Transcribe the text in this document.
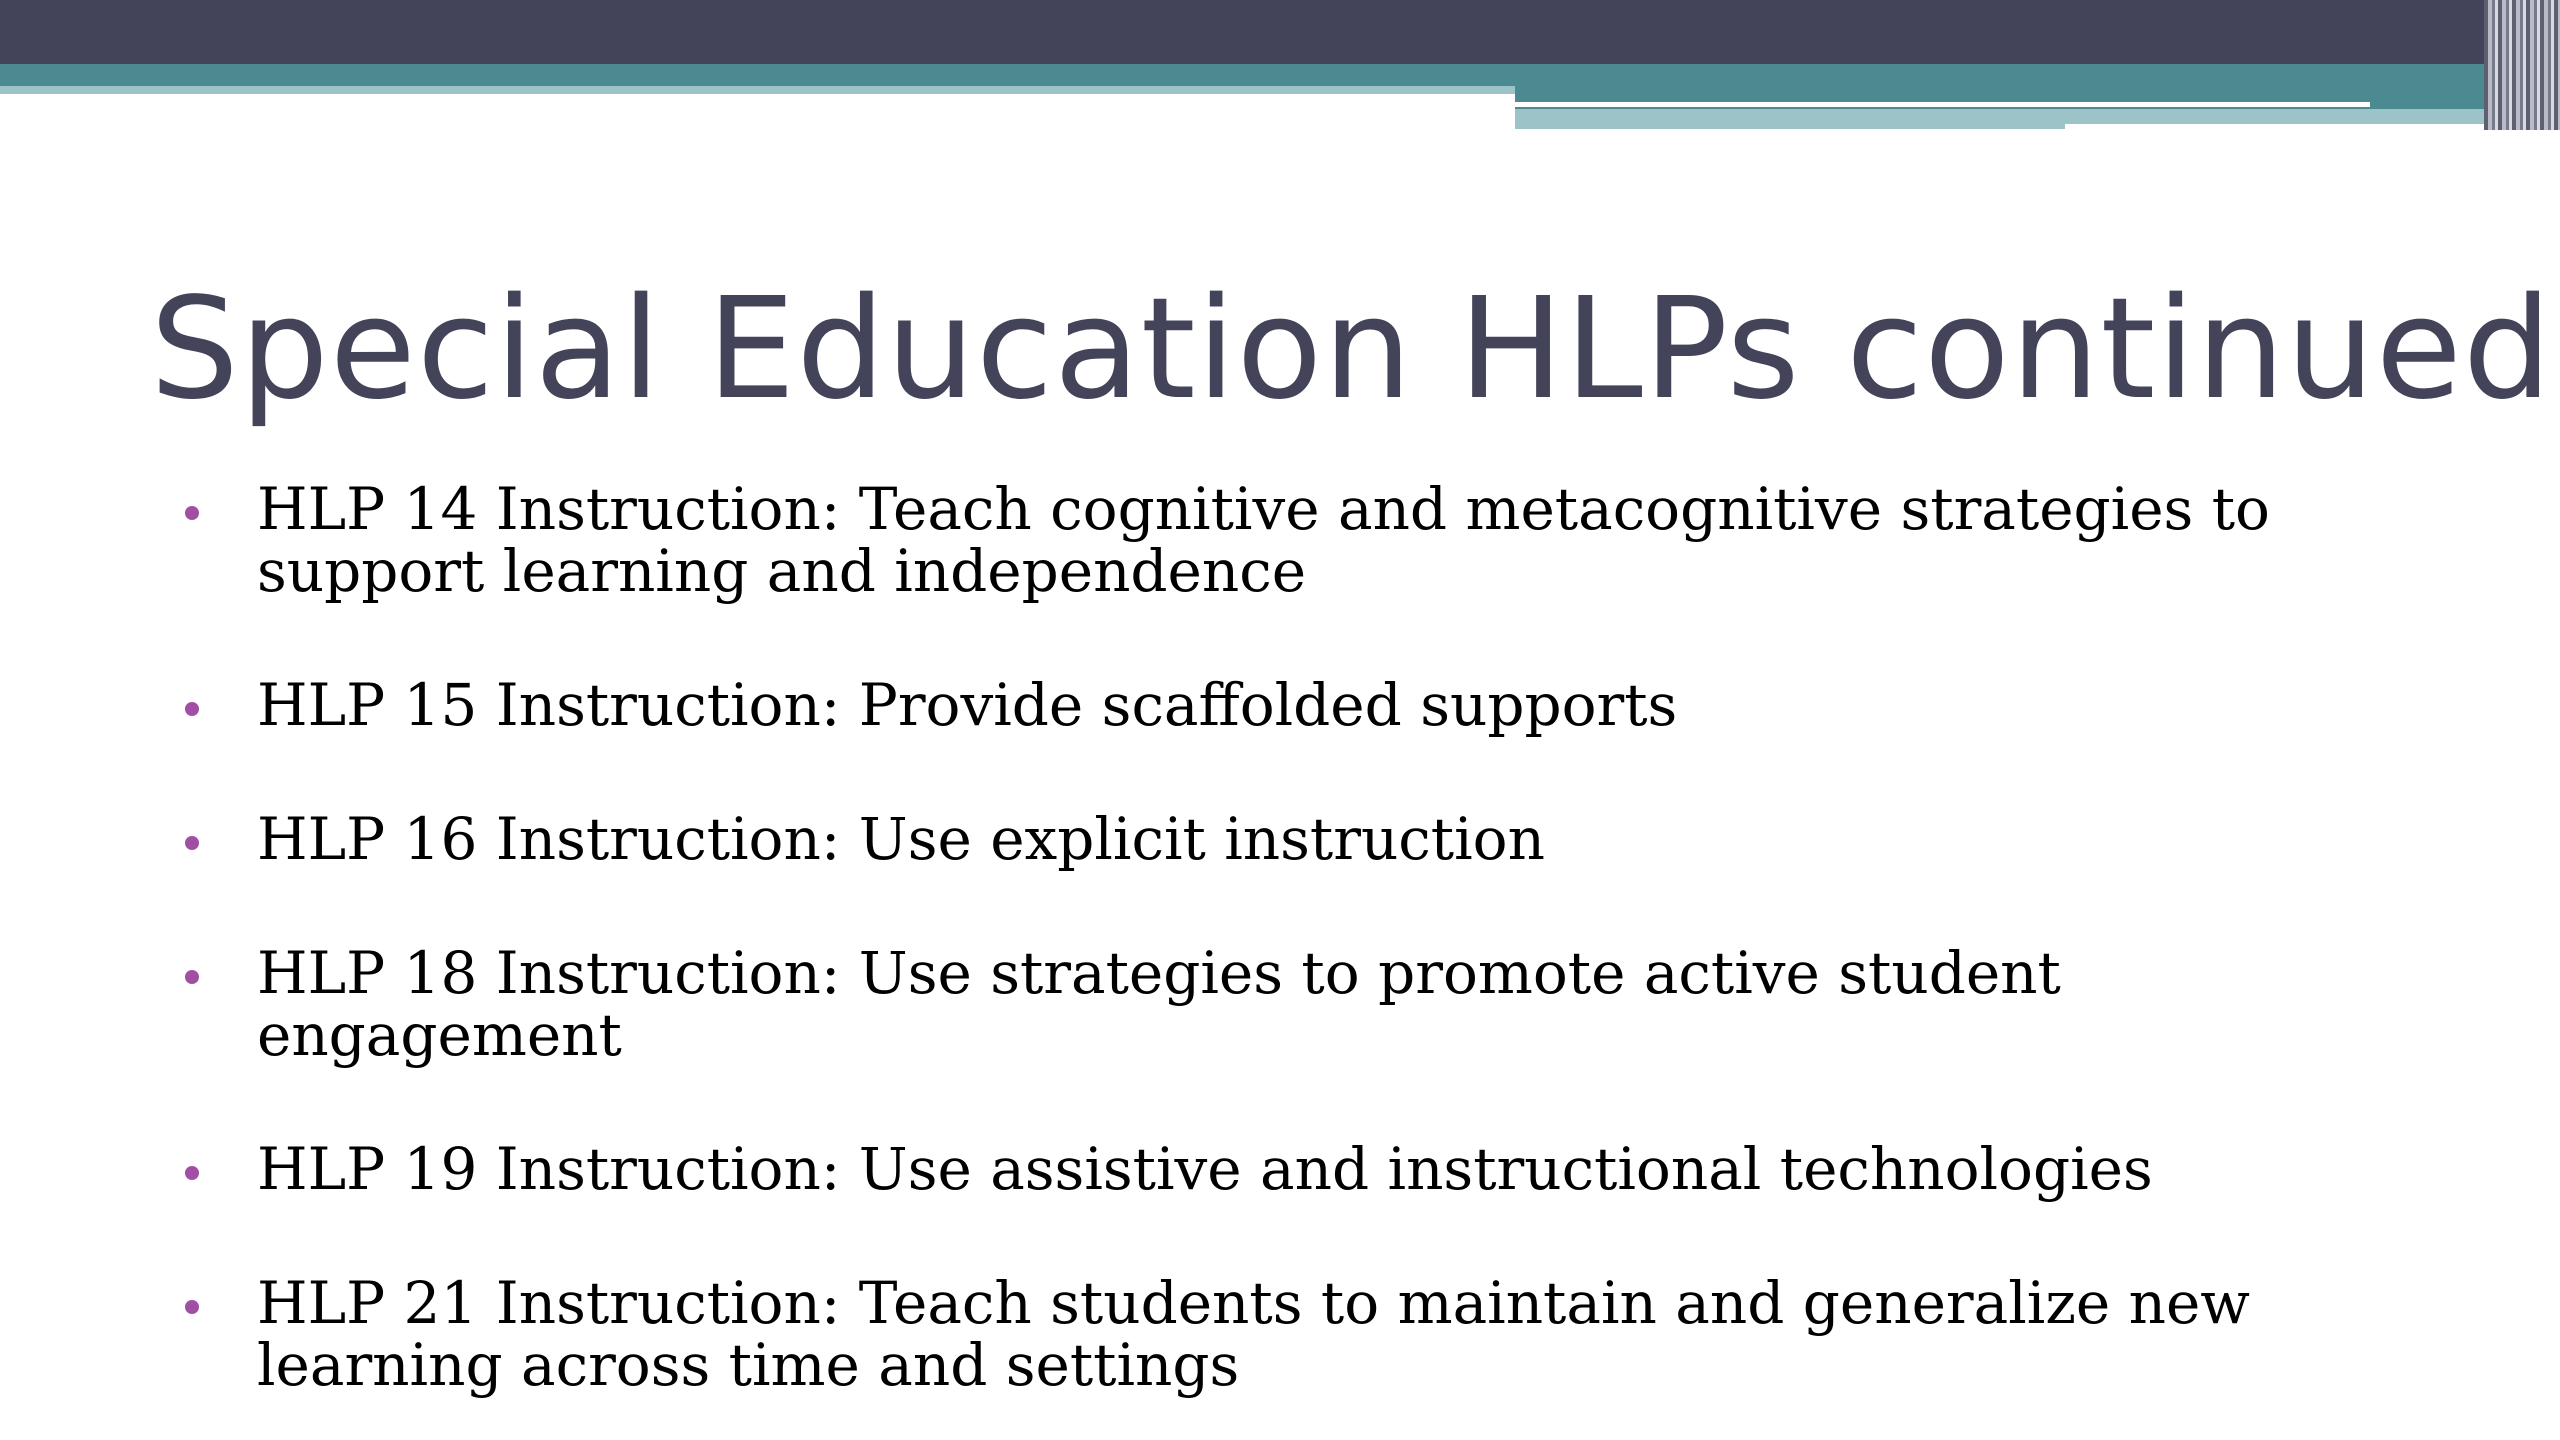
Special Education HLPs continued
HLP 14 Instruction: Teach cognitive and metacognitive strategies to support learning and independence
HLP 15 Instruction: Provide scaffolded supports
HLP 16 Instruction: Use explicit instruction
HLP 18 Instruction: Use strategies to promote active student engagement
HLP 19 Instruction: Use assistive and instructional technologies
HLP 21 Instruction: Teach students to maintain and generalize new learning across time and settings
